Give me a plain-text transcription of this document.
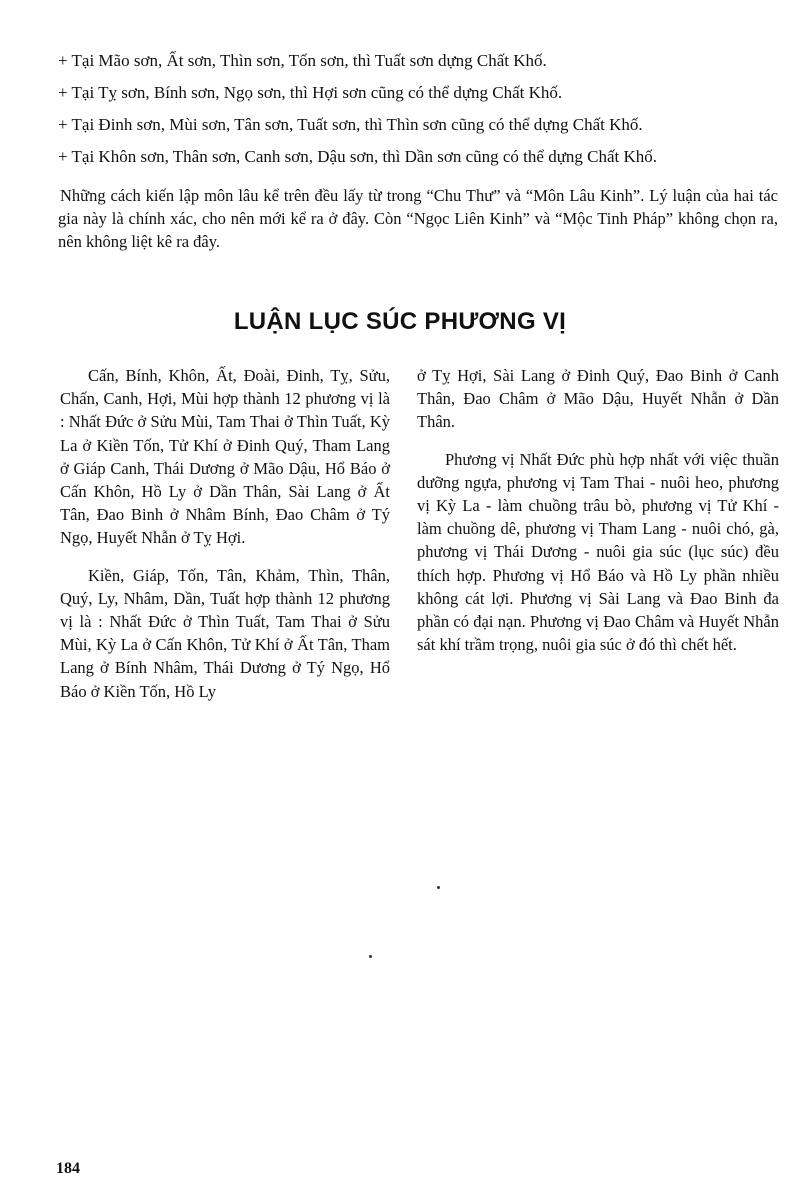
+ Tại Mão sơn, Ất sơn, Thìn sơn, Tốn sơn, thì Tuất sơn dựng Chất Khố.
+ Tại Tỵ sơn, Bính sơn, Ngọ sơn, thì Hợi sơn cũng có thể dựng Chất Khố.
+ Tại Đinh sơn, Mùi sơn, Tân sơn, Tuất sơn, thì Thìn sơn cũng có thể dựng Chất Khố.
+ Tại Khôn sơn, Thân sơn, Canh sơn, Dậu sơn, thì Dần sơn cũng có thể dựng Chất Khố.
Những cách kiến lập môn lâu kể trên đều lấy từ trong “Chu Thư” và “Môn Lâu Kinh”. Lý luận của hai tác gia này là chính xác, cho nên mới kể ra ở đây. Còn “Ngọc Liên Kinh” và “Mộc Tinh Pháp” không chọn ra, nên không liệt kê ra đây.
LUẬN LỤC SÚC PHƯƠNG VỊ

Cấn, Bính, Khôn, Ất, Đoài, Đinh, Tỵ, Sửu, Chấn, Canh, Hợi, Mùi hợp thành 12 phương vị là : Nhất Đức ở Sửu Mùi, Tam Thai ở Thìn Tuất, Kỳ La ở Kiền Tốn, Tử Khí ở Đinh Quý, Tham Lang ở Giáp Canh, Thái Dương ở Mão Dậu, Hổ Báo ở Cấn Khôn, Hồ Ly ở Dần Thân, Sài Lang ở Ất Tân, Đao Binh ở Nhâm Bính, Đao Châm ở Tý Ngọ, Huyết Nhẫn ở Tỵ Hợi.

Kiền, Giáp, Tốn, Tân, Khảm, Thìn, Thân, Quý, Ly, Nhâm, Dần, Tuất hợp thành 12 phương vị là : Nhất Đức ở Thìn Tuất, Tam Thai ở Sửu Mùi, Kỳ La ở Cấn Khôn, Tử Khí ở Ất Tân, Tham Lang ở Bính Nhâm, Thái Dương ở Tý Ngọ, Hổ Báo ở Kiền Tốn, Hồ Ly

ở Tỵ Hợi, Sài Lang ở Đinh Quý, Đao Binh ở Canh Thân, Đao Châm ở Mão Dậu, Huyết Nhẫn ở Dần Thân.

Phương vị Nhất Đức phù hợp nhất với việc thuần dưỡng ngựa, phương vị Tam Thai - nuôi heo, phương vị Kỳ La - làm chuồng trâu bò, phương vị Tử Khí - làm chuồng dê, phương vị Tham Lang - nuôi chó, gà, phương vị Thái Dương - nuôi gia súc (lục súc) đều thích hợp. Phương vị Hổ Báo và Hồ Ly phần nhiều không cát lợi. Phương vị Sài Lang và Đao Binh đa phần có đại nạn. Phương vị Đao Châm và Huyết Nhẫn sát khí trầm trọng, nuôi gia súc ở đó thì chết hết.

184
